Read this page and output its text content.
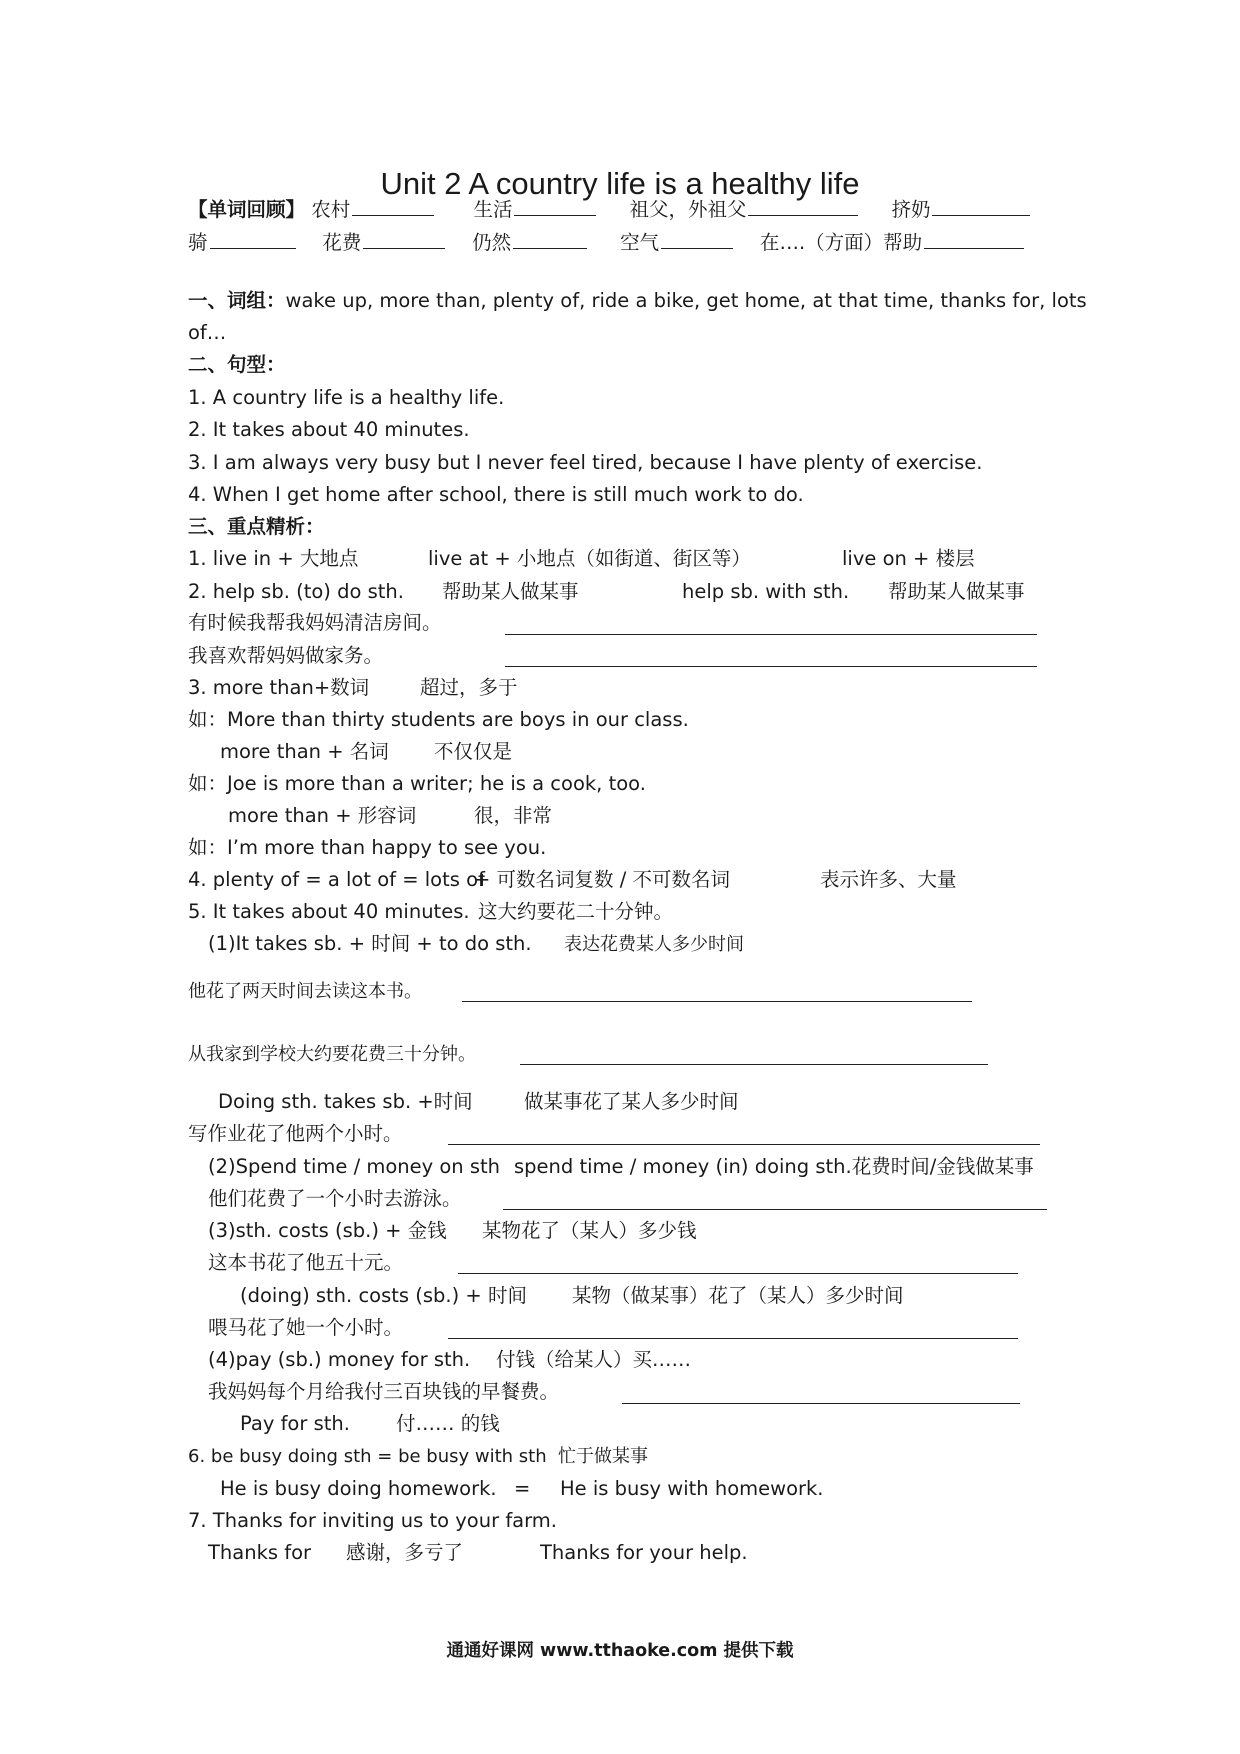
Unit 2 A country life is a healthy life
【单词回顾】 农村	生活	祖父，外祖父	挤奶
骑	花费	仍然	空气	在….（方面）帮助
一、词组：wake up, more than, plenty of, ride a bike, get home, at that time, thanks for, lots
of…
二、句型：
1. A country life is a healthy life.
2. It takes about 40 minutes.
3. I am always very busy but I never feel tired, because I have plenty of exercise.
4. When I get home after school, there is still much work to do.
三、重点精析：
1. live in + 大地点	live at + 小地点（如街道、街区等）	live on + 楼层
2. help sb. (to) do sth. 帮助某人做某事	help sb. with sth. 帮助某人做某事
有时候我帮我妈妈清洁房间。
我喜欢帮妈妈做家务。
3. more than+数词	超过，多于
如：More than thirty students are boys in our class.
more than + 名词 不仅仅是
如：Joe is more than a writer; he is a cook, too.
more than + 形容词	很，非常
如：I’m more than happy to see you.
4. plenty of = a lot of = lots of
+ 可数名词复数 / 不可数名词	表示许多、大量
5. It takes about 40 minutes. 这大约要花二十分钟。
(1)It takes sb. + 时间 + to do sth. 表达花费某人多少时间
他花了两天时间去读这本书。
从我家到学校大约要花费三十分钟。
Doing sth. takes sb. +时间	做某事花了某人多少时间
写作业花了他两个小时。
(2)Spend time / money on sth spend time / money (in) doing sth.花费时间/金钱做某事
他们花费了一个小时去游泳。
(3)sth. costs (sb.) + 金钱 某物花了（某人）多少钱
这本书花了他五十元。
(doing) sth. costs (sb.) + 时间 某物（做某事）花了（某人）多少时间
喂马花了她一个小时。
(4)pay (sb.) money for sth. 付钱（给某人）买……
我妈妈每个月给我付三百块钱的早餐费。
Pay for sth. 付…… 的钱
6. be busy doing sth = be busy with sth 忙于做某事
He is busy doing homework. = He is busy with homework.
7. Thanks for inviting us to your farm.
Thanks for 感谢，多亏了	Thanks for your help.
通通好课网 www.tthaoke.com 提供下载
